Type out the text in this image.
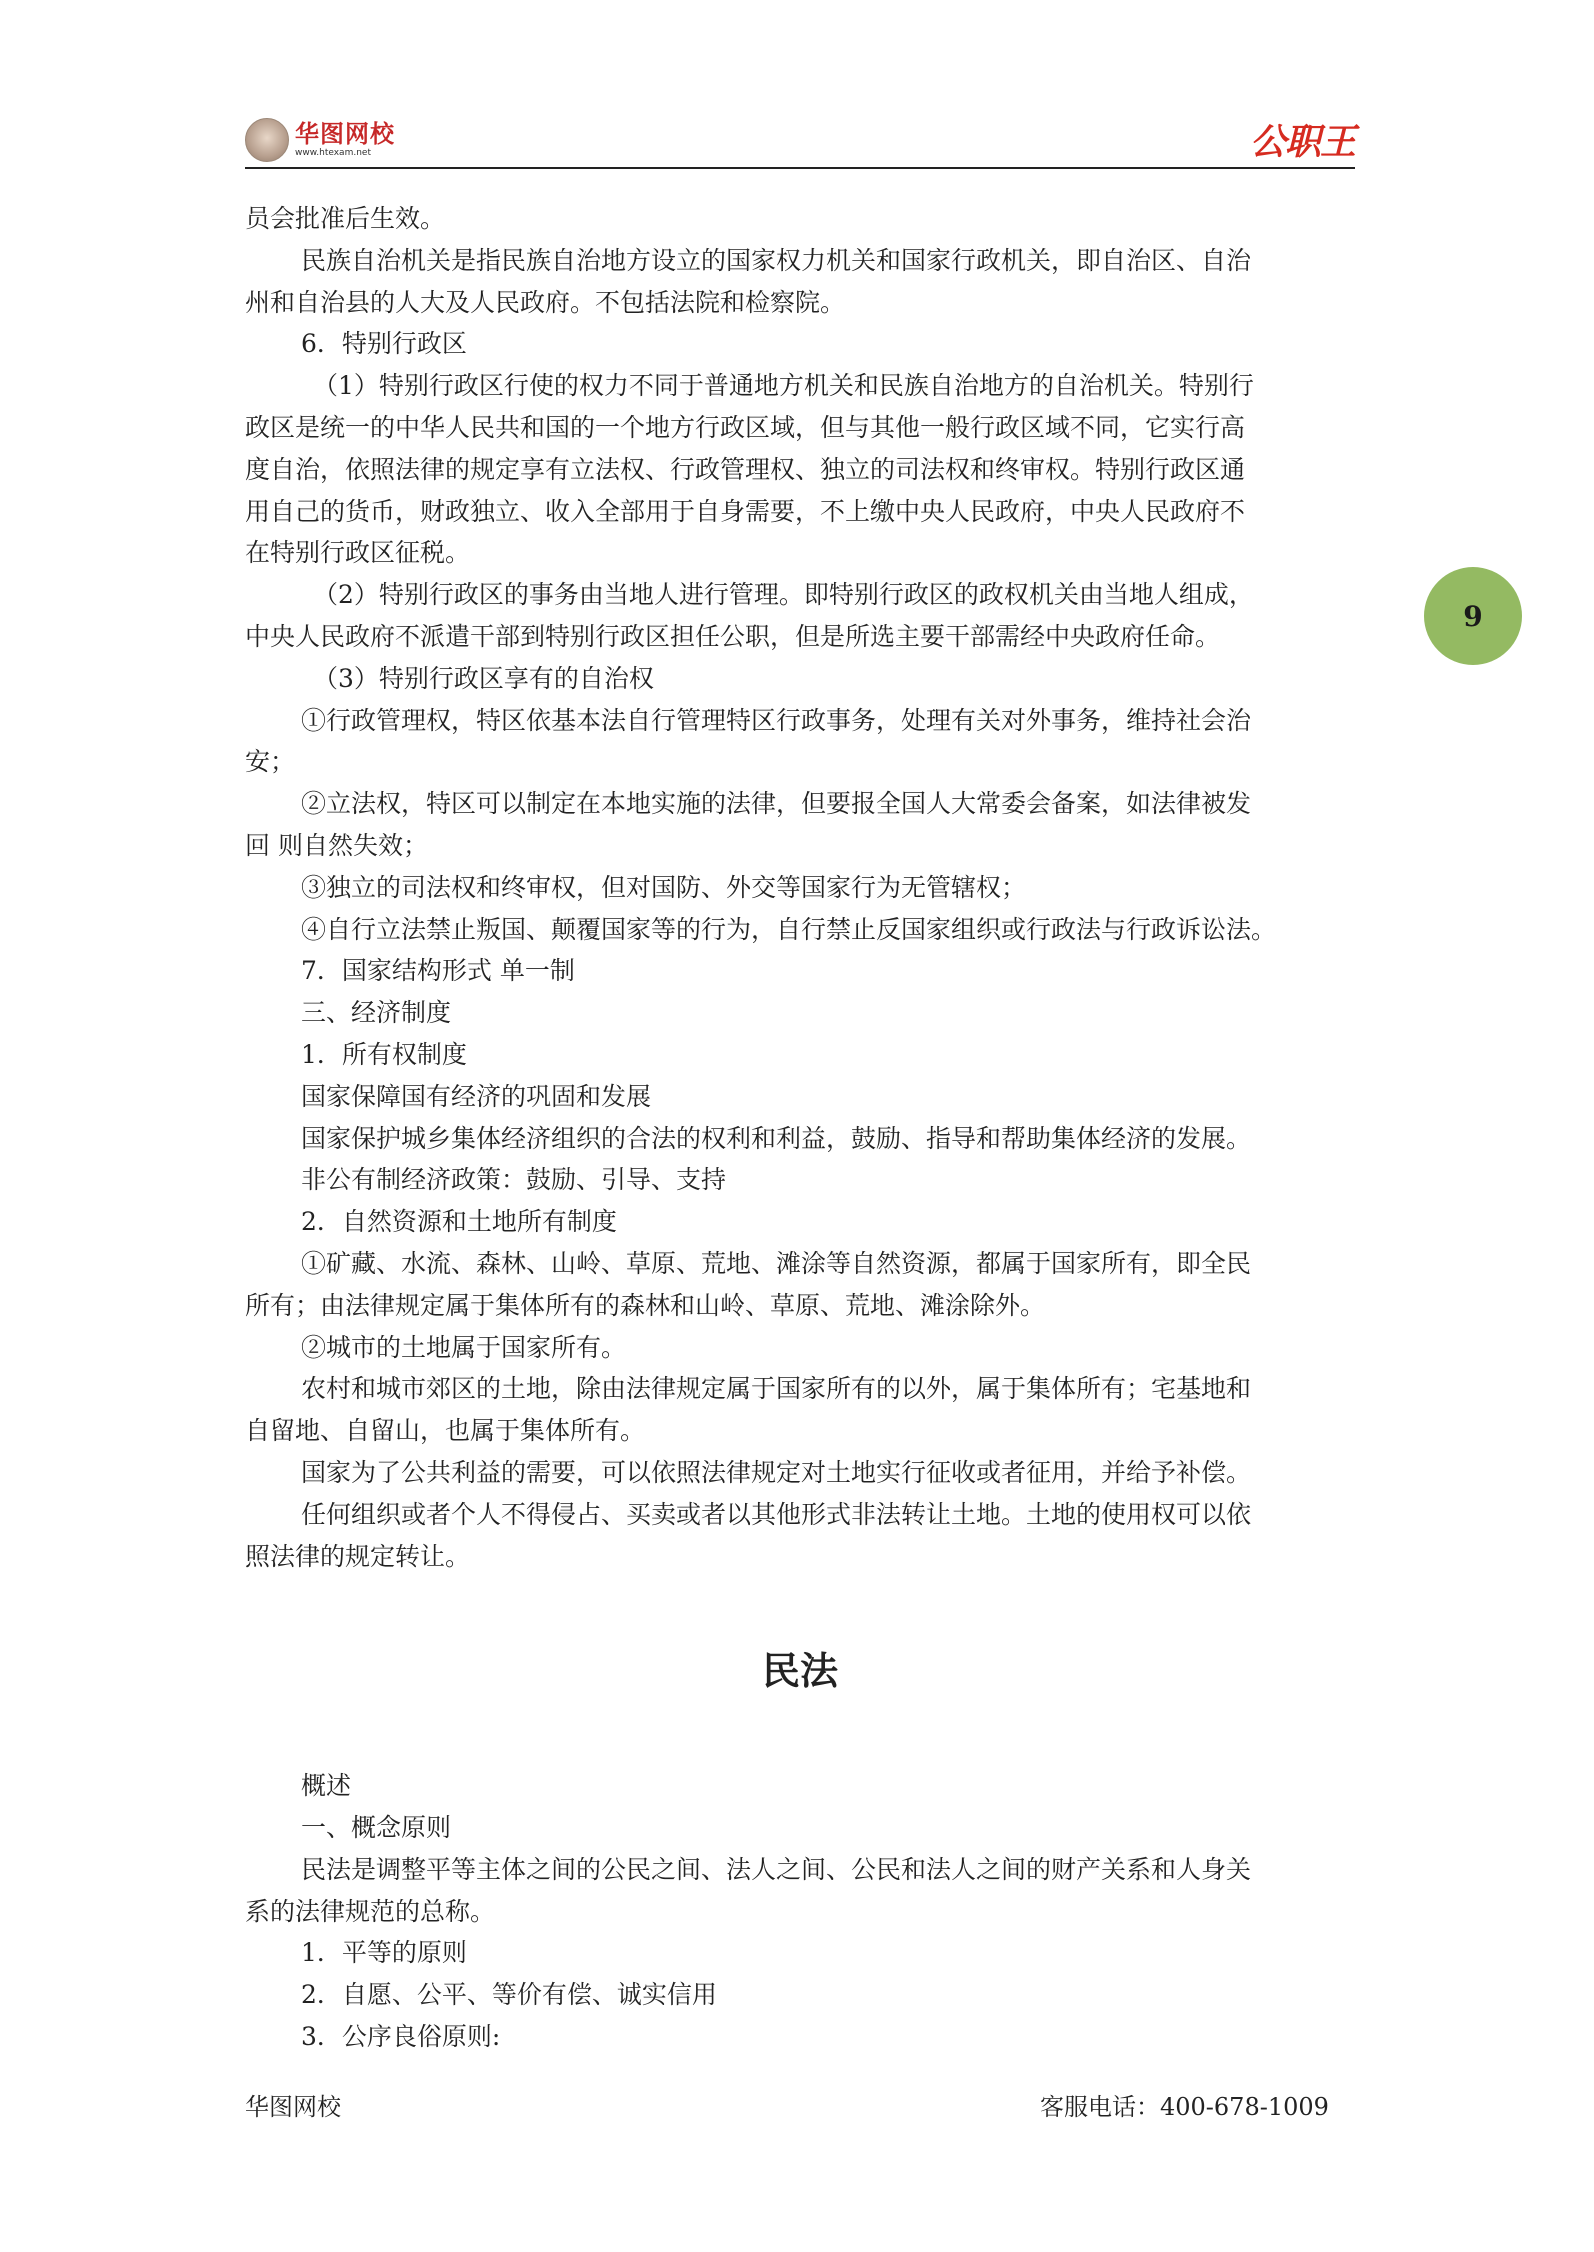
华图网校
www.htexam.net	公职王
9
员会批准后生效。
民族自治机关是指民族自治地方设立的国家权力机关和国家行政机关，即自治区、自治
州和自治县的人大及人民政府。不包括法院和检察院。
6．特别行政区
（1）特别行政区行使的权力不同于普通地方机关和民族自治地方的自治机关。特别行
政区是统一的中华人民共和国的一个地方行政区域，但与其他一般行政区域不同，它实行高
度自治，依照法律的规定享有立法权、行政管理权、独立的司法权和终审权。特别行政区通
用自己的货币，财政独立、收入全部用于自身需要，不上缴中央人民政府，中央人民政府不
在特别行政区征税。
（2）特别行政区的事务由当地人进行管理。即特别行政区的政权机关由当地人组成，
中央人民政府不派遣干部到特别行政区担任公职，但是所选主要干部需经中央政府任命。
（3）特别行政区享有的自治权
①行政管理权，特区依基本法自行管理特区行政事务，处理有关对外事务，维持社会治
安；
②立法权，特区可以制定在本地实施的法律，但要报全国人大常委会备案，如法律被发
回 则自然失效；
③独立的司法权和终审权，但对国防、外交等国家行为无管辖权；
④自行立法禁止叛国、颠覆国家等的行为，自行禁止反国家组织或行政法与行政诉讼法。
7．国家结构形式 单一制
三、经济制度
1．所有权制度
国家保障国有经济的巩固和发展
国家保护城乡集体经济组织的合法的权利和利益，鼓励、指导和帮助集体经济的发展。
非公有制经济政策：鼓励、引导、支持
2．自然资源和土地所有制度
①矿藏、水流、森林、山岭、草原、荒地、滩涂等自然资源，都属于国家所有，即全民
所有；由法律规定属于集体所有的森林和山岭、草原、荒地、滩涂除外。
②城市的土地属于国家所有。
农村和城市郊区的土地，除由法律规定属于国家所有的以外，属于集体所有；宅基地和
自留地、自留山，也属于集体所有。
国家为了公共利益的需要，可以依照法律规定对土地实行征收或者征用，并给予补偿。
任何组织或者个人不得侵占、买卖或者以其他形式非法转让土地。土地的使用权可以依
照法律的规定转让。
民法
概述
一、概念原则
民法是调整平等主体之间的公民之间、法人之间、公民和法人之间的财产关系和人身关
系的法律规范的总称。
1．平等的原则
2．自愿、公平、等价有偿、诚实信用
3．公序良俗原则:
华图网校	客服电话：400-678-1009
